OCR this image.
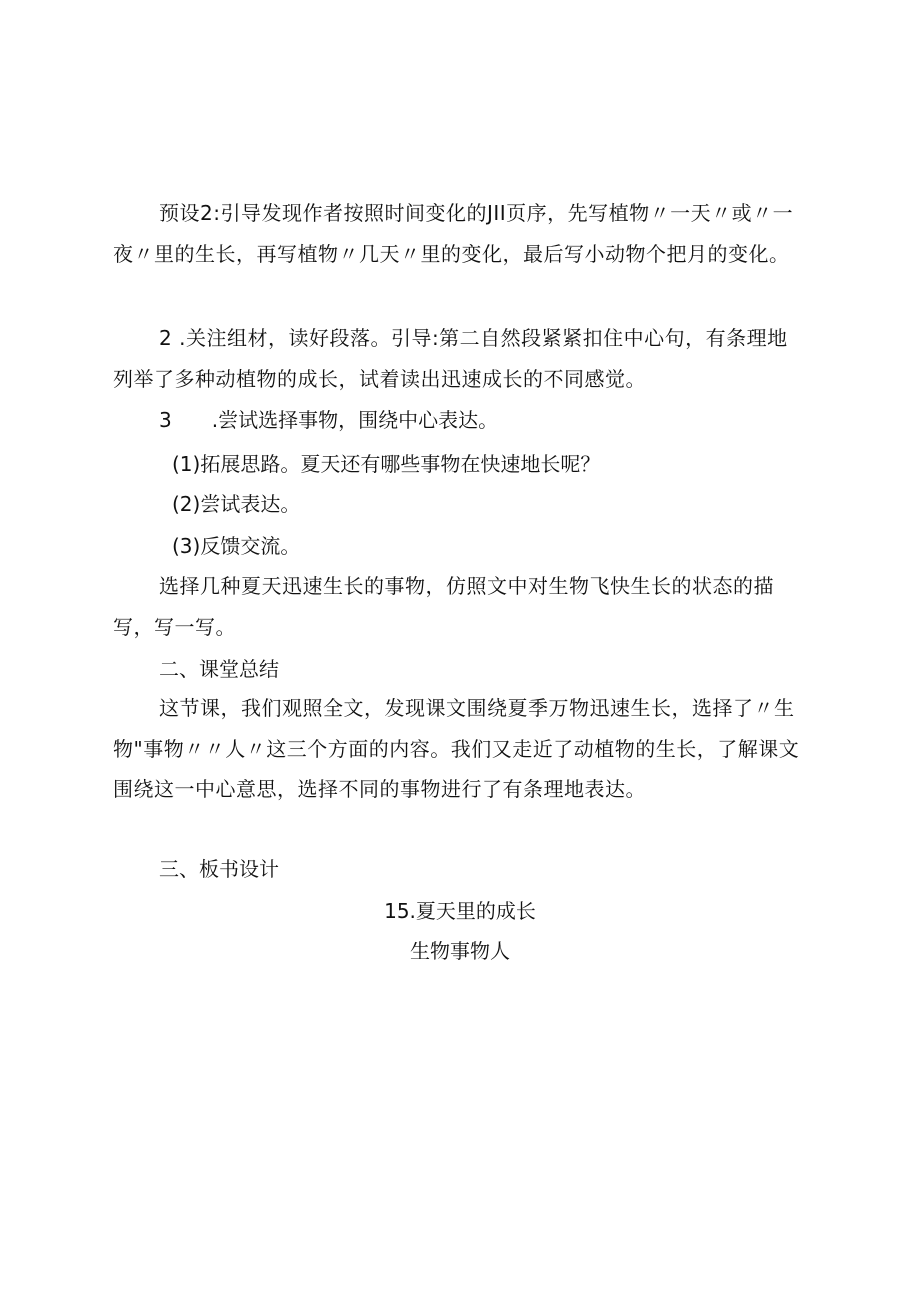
预设2:引导发现作者按照时间变化的JII页序，先写植物〃一天〃或〃一夜〃里的生长，再写植物〃几天〃里的变化，最后写小动物个把月的变化。

2 .关注组材，读好段落。引导:第二自然段紧紧扣住中心句，有条理地列举了多种动植物的成长，试着读出迅速成长的不同感觉。

3　　.尝试选择事物，围绕中心表达。
(1)拓展思路。夏天还有哪些事物在快速地长呢？
(2)尝试表达。
(3)反馈交流。

选择几种夏天迅速生长的事物，仿照文中对生物飞快生长的状态的描写，写一写。

二、课堂总结

这节课，我们观照全文，发现课文围绕夏季万物迅速生长，选择了〃生物"事物〃〃人〃这三个方面的内容。我们又走近了动植物的生长，了解课文围绕这一中心意思，选择不同的事物进行了有条理地表达。

三、板书设计
15.夏天里的成长
生物事物人
